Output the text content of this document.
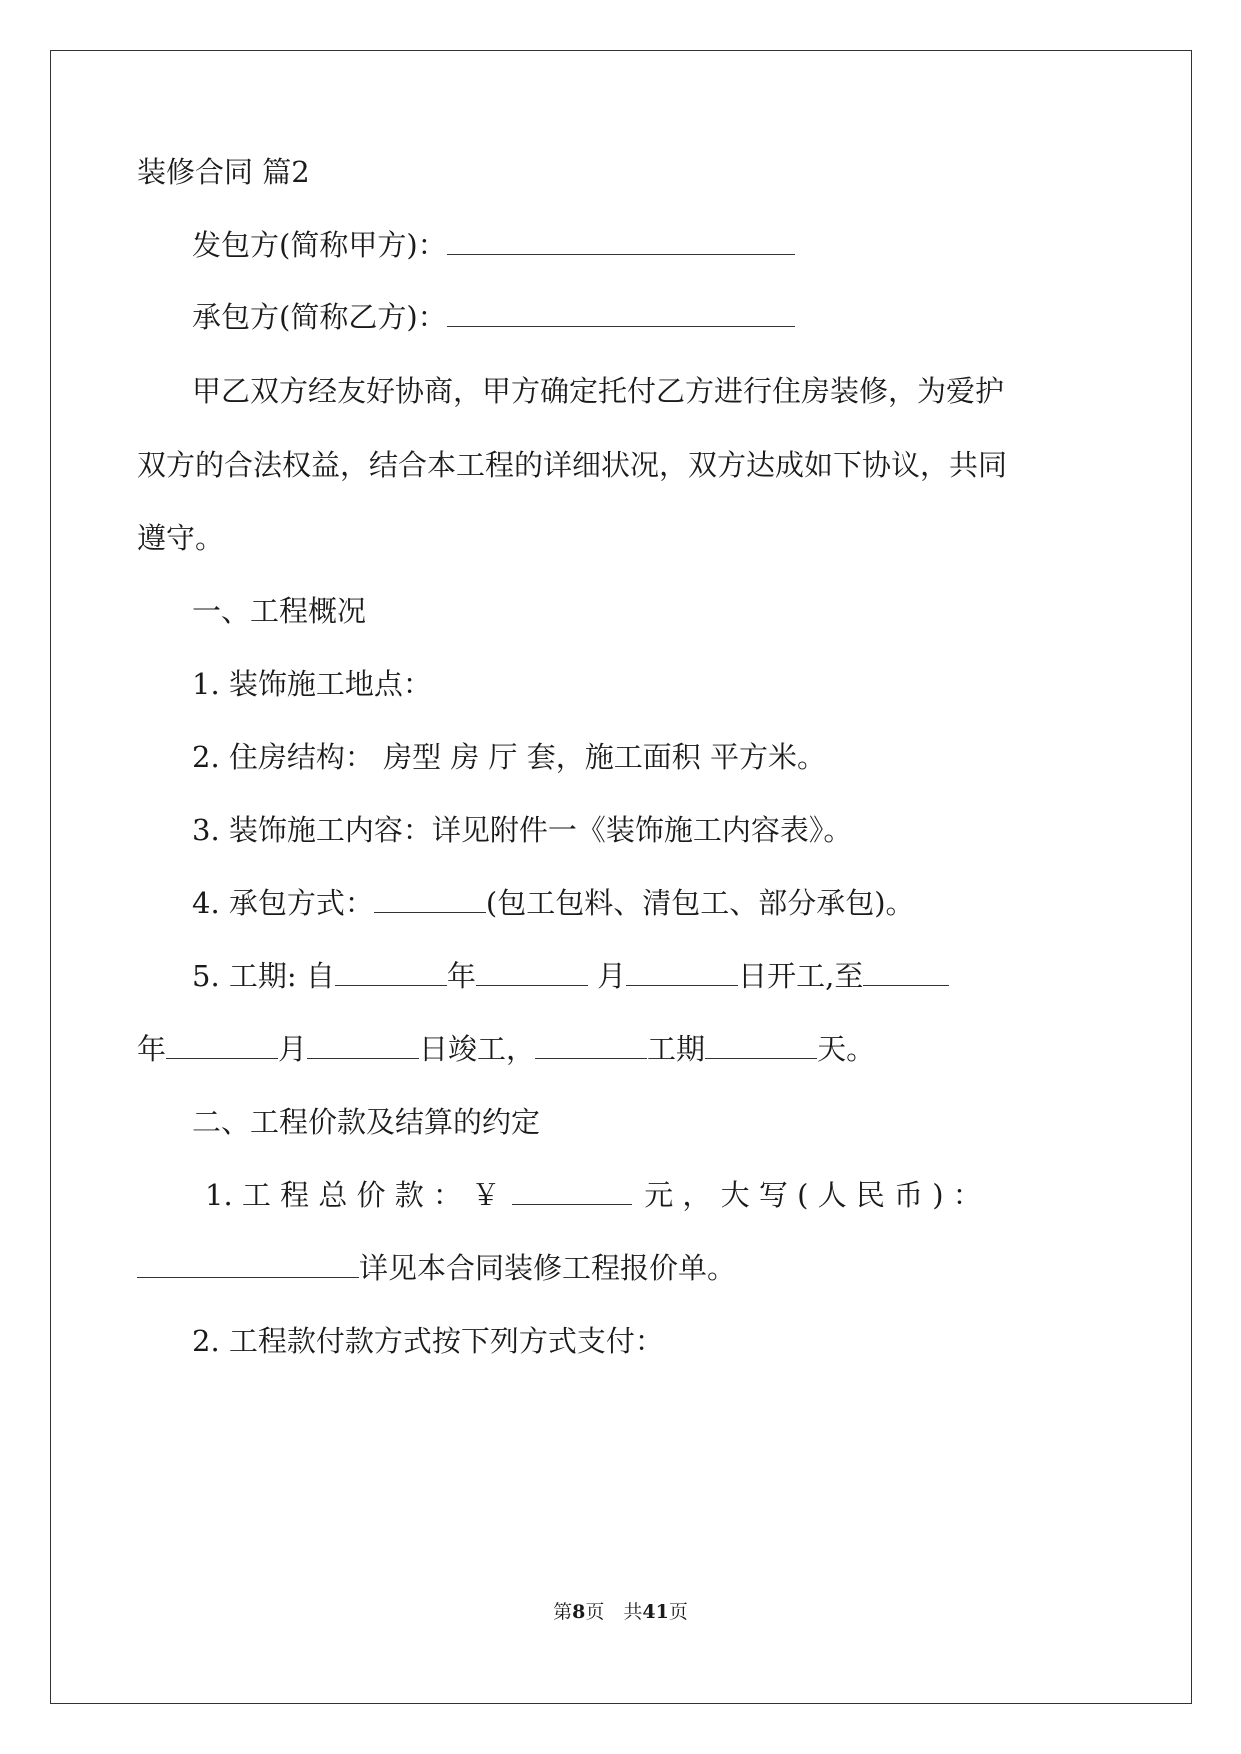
装修合同 篇2
发包方(简称甲方)：
承包方(简称乙方)：
甲乙双方经友好协商，甲方确定托付乙方进行住房装修，为爱护
双方的合法权益，结合本工程的详细状况，双方达成如下协议，共同
遵守。
一、工程概况
1. 装饰施工地点：
2. 住房结构： 房型 房 厅 套，施工面积 平方米。
3. 装饰施工内容：详见附件一《装饰施工内容表》。
4. 承包方式：	(包工包料、清包工、部分承包)。
5. 工期: 自	年	月	日开工,至
年	月	日竣工，	工期	天。
二、工程价款及结算的约定
1. 工 程 总 价 款 ： ￥	元 ， 大 写 ( 人 民 币 ) ：
详见本合同装修工程报价单。
2. 工程款付款方式按下列方式支付：
第8页　共41页
